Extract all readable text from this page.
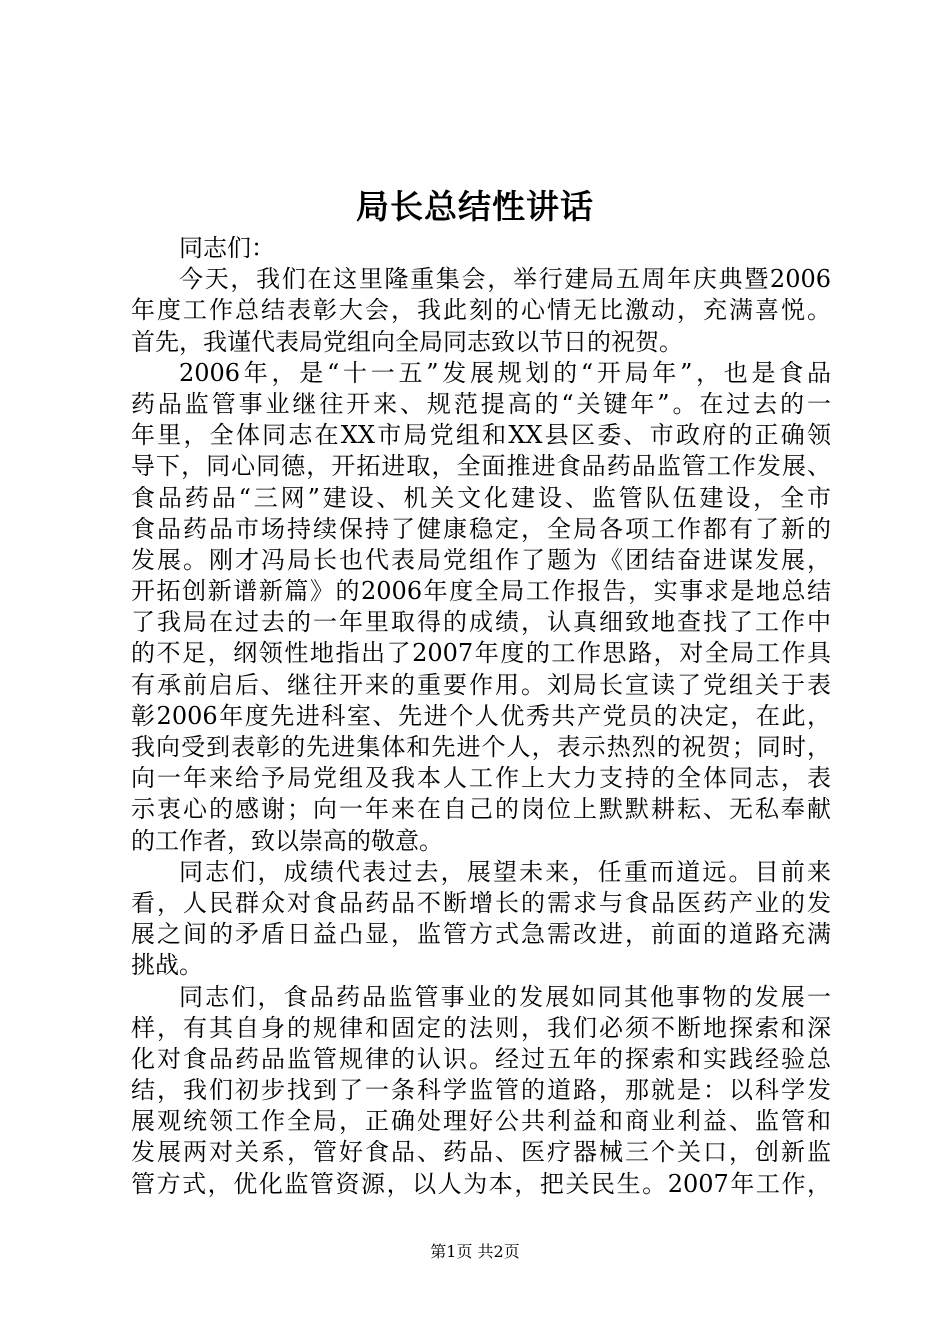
局长总结性讲话
同志们：
今天，我们在这里隆重集会，举行建局五周年庆典暨2006
年度工作总结表彰大会，我此刻的心情无比激动，充满喜悦。
首先，我谨代表局党组向全局同志致以节日的祝贺。
2006年，是“十一五”发展规划的“开局年”，也是食品
药品监管事业继往开来、规范提高的“关键年”。在过去的一
年里，全体同志在XX市局党组和XX县区委、市政府的正确领
导下，同心同德，开拓进取，全面推进食品药品监管工作发展、
食品药品“三网”建设、机关文化建设、监管队伍建设，全市
食品药品市场持续保持了健康稳定，全局各项工作都有了新的
发展。刚才冯局长也代表局党组作了题为《团结奋进谋发展，
开拓创新谱新篇》的2006年度全局工作报告，实事求是地总结
了我局在过去的一年里取得的成绩，认真细致地查找了工作中
的不足，纲领性地指出了2007年度的工作思路，对全局工作具
有承前启后、继往开来的重要作用。刘局长宣读了党组关于表
彰2006年度先进科室、先进个人优秀共产党员的决定，在此，
我向受到表彰的先进集体和先进个人，表示热烈的祝贺；同时，
向一年来给予局党组及我本人工作上大力支持的全体同志，表
示衷心的感谢；向一年来在自己的岗位上默默耕耘、无私奉献
的工作者，致以崇高的敬意。
同志们，成绩代表过去，展望未来，任重而道远。目前来
看，人民群众对食品药品不断增长的需求与食品医药产业的发
展之间的矛盾日益凸显，监管方式急需改进，前面的道路充满
挑战。
同志们，食品药品监管事业的发展如同其他事物的发展一
样，有其自身的规律和固定的法则，我们必须不断地探索和深
化对食品药品监管规律的认识。经过五年的探索和实践经验总
结，我们初步找到了一条科学监管的道路，那就是：以科学发
展观统领工作全局，正确处理好公共利益和商业利益、监管和
发展两对关系，管好食品、药品、医疗器械三个关口，创新监
管方式，优化监管资源，以人为本，把关民生。2007年工作，
第1页 共2页
